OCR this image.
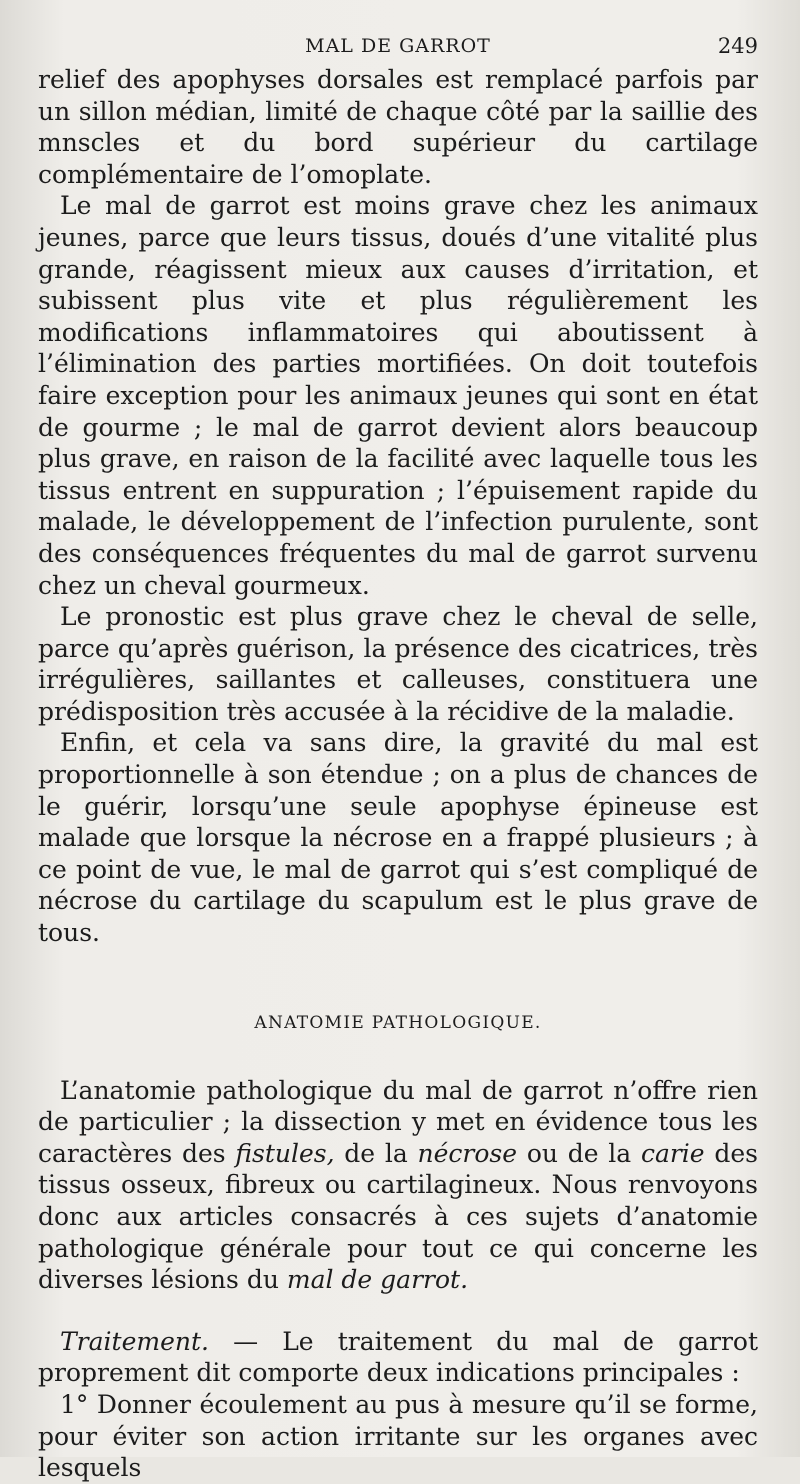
MAL DE GARROT	249

relief des apophyses dorsales est remplacé parfois par un sillon médian, limité de chaque côté par la saillie des mnscles et du bord supérieur du cartilage complémentaire de l’omoplate.

Le mal de garrot est moins grave chez les animaux jeunes, parce que leurs tissus, doués d’une vitalité plus grande, réagissent mieux aux causes d’irritation, et subissent plus vite et plus régulièrement les modifications inflammatoires qui aboutissent à l’élimination des parties mortifiées. On doit toutefois faire exception pour les animaux jeunes qui sont en état de gourme ; le mal de garrot devient alors beaucoup plus grave, en raison de la facilité avec laquelle tous les tissus entrent en suppuration ; l’épuisement rapide du malade, le développement de l’infection purulente, sont des conséquences fréquentes du mal de garrot survenu chez un cheval gourmeux.

Le pronostic est plus grave chez le cheval de selle, parce qu’après guérison, la présence des cicatrices, très irrégulières, saillantes et calleuses, constituera une prédisposition très accusée à la récidive de la maladie.

Enfin, et cela va sans dire, la gravité du mal est proportionnelle à son étendue ; on a plus de chances de le guérir, lorsqu’une seule apophyse épineuse est malade que lorsque la nécrose en a frappé plusieurs ; à ce point de vue, le mal de garrot qui s’est compliqué de nécrose du cartilage du scapulum est le plus grave de tous.

ANATOMIE PATHOLOGIQUE.

L’anatomie pathologique du mal de garrot n’offre rien de particulier ; la dissection y met en évidence tous les caractères des fistules, de la nécrose ou de la carie des tissus osseux, fibreux ou cartilagineux. Nous renvoyons donc aux articles consacrés à ces sujets d’anatomie pathologique générale pour tout ce qui concerne les diverses lésions du mal de garrot.

Traitement. — Le traitement du mal de garrot proprement dit comporte deux indications principales :

1° Donner écoulement au pus à mesure qu’il se forme, pour éviter son action irritante sur les organes avec lesquels
